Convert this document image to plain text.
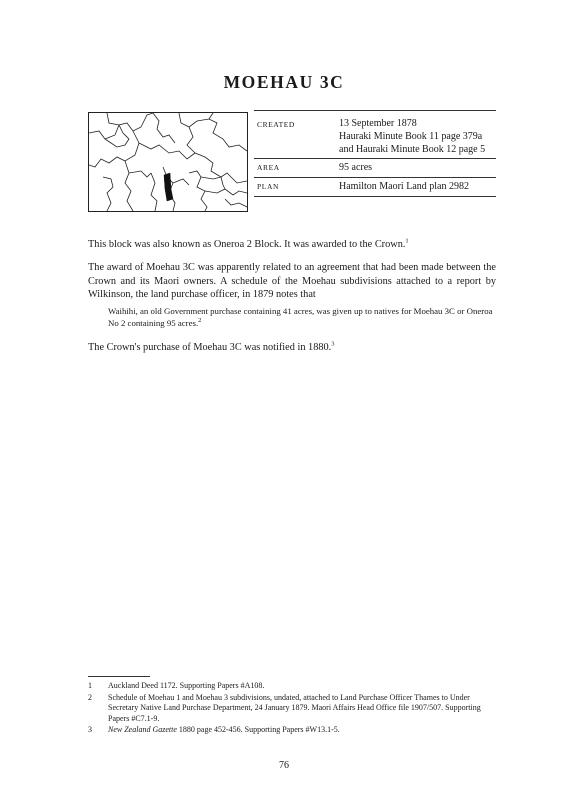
MOEHAU 3C
CREATED	13 September 1878
Hauraki Minute Book 11 page 379a
and Hauraki Minute Book 12 page 5
AREA	95 acres
PLAN	Hamilton Maori Land plan 2982

This block was also known as Oneroa 2 Block. It was awarded to the Crown.$^1$

The award of Moehau 3C was apparently related to an agreement that had been made between the Crown and its Maori owners. A schedule of the Moehau subdivisions attached to a report by Wilkinson, the land purchase officer, in 1879 notes that

Waihihi, an old Government purchase containing 41 acres, was given up to natives for Moehau 3C or Oneroa No 2 containing 95 acres.$^2$

The Crown's purchase of Moehau 3C was notified in 1880.$^3$

1	Auckland Deed 1172. Supporting Papers #A108.
2	Schedule of Moehau 1 and Moehau 3 subdivisions, undated, attached to Land Purchase Officer Thames to Under Secretary Native Land Purchase Department, 24 January 1879. Maori Affairs Head Office file 1907/507. Supporting Papers #C7.1-9.
3	New Zealand Gazette 1880 page 452-456. Supporting Papers #W13.1-5.
76
